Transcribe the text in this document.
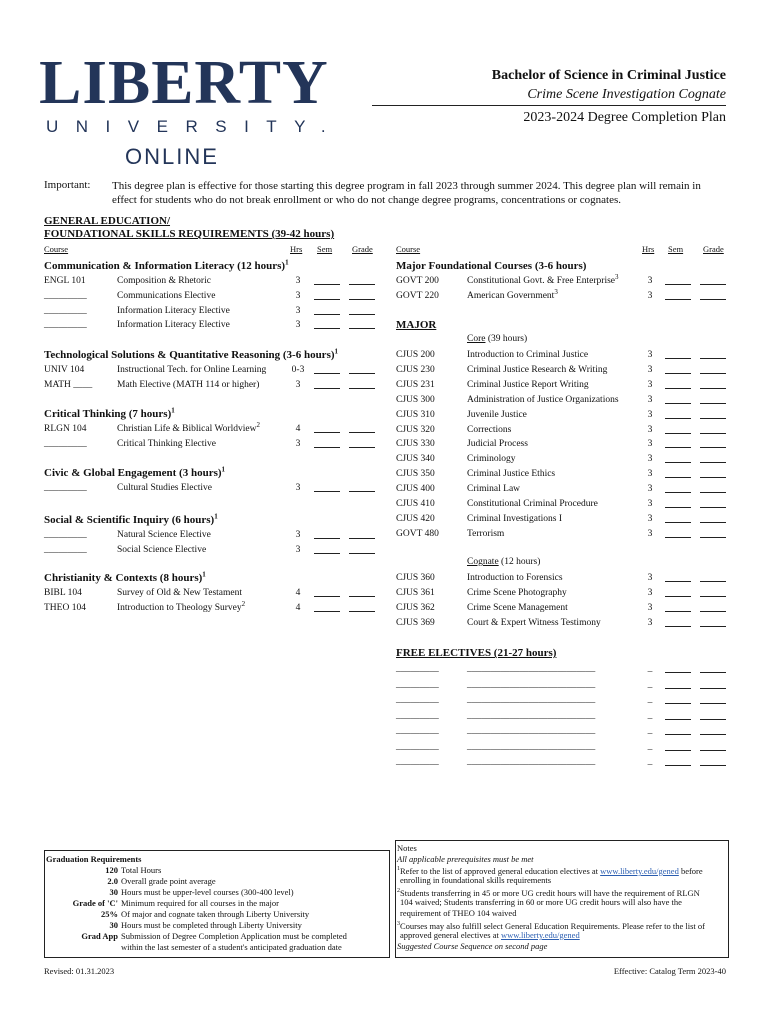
LIBERTY
UNIVERSITY.
ONLINE
Bachelor of Science in Criminal Justice
Crime Scene Investigation Cognate
2023-2024 Degree Completion Plan
Important: This degree plan is effective for those starting this degree program in fall 2023 through summer 2024. This degree plan will remain in effect for students who do not break enrollment or who do not change degree programs, concentrations or cognates.
GENERAL EDUCATION/
FOUNDATIONAL SKILLS REQUIREMENTS (39-42 hours)
Course	Hrs Sem Grade	Course	Hrs Sem Grade
Major Foundational Courses (3-6 hours)
MAJOR
Core (39 hours)
Cognate (12 hours)
FREE ELECTIVES (21-27 hours)
Communication & Information Literacy (12 hours)$^1$
ENGL 101	Composition & Rhetoric	3
_________	Communications Elective	3
_________	Information Literacy Elective	3
_________	Information Literacy Elective	3
Technological Solutions & Quantitative Reasoning (3-6 hours)$^1$
UNIV 104	Instructional Tech. for Online Learning	0-3
MATH ____	Math Elective (MATH 114 or higher)	3
Critical Thinking (7 hours)$^1$
RLGN 104	Christian Life & Biblical Worldview$^2$	4
_________	Critical Thinking Elective	3
Civic & Global Engagement (3 hours)$^1$
_________	Cultural Studies Elective	3
Social & Scientific Inquiry (6 hours)$^1$
_________	Natural Science Elective	3
_________	Social Science Elective	3
Christianity & Contexts (8 hours)$^1$
BIBL 104	Survey of Old & New Testament	4
THEO 104	Introduction to Theology Survey$^2$	4
GOVT 200	Constitutional Govt. & Free Enterprise$^3$	3
GOVT 220	American Government$^3$	3
CJUS 200	Introduction to Criminal Justice	3
CJUS 230	Criminal Justice Research & Writing	3
CJUS 231	Criminal Justice Report Writing	3
CJUS 300	Administration of Justice Organizations	3
CJUS 310	Juvenile Justice	3
CJUS 320	Corrections	3
CJUS 330	Judicial Process	3
CJUS 340	Criminology	3
CJUS 350	Criminal Justice Ethics	3
CJUS 400	Criminal Law	3
CJUS 410	Constitutional Criminal Procedure	3
CJUS 420	Criminal Investigations I	3
GOVT 480	Terrorism	3
CJUS 360	Introduction to Forensics	3
CJUS 361	Crime Scene Photography	3
CJUS 362	Crime Scene Management	3
CJUS 369	Court & Expert Witness Testimony	3
_________	___________________________	_
_________	___________________________	_
_________	___________________________	_
_________	___________________________	_
_________	___________________________	_
_________	___________________________	_
_________	___________________________	_
Graduation Requirements
120 Total Hours
2.0 Overall grade point average
30 Hours must be upper-level courses (300-400 level)
Grade of 'C' Minimum required for all courses in the major
25% Of major and cognate taken through Liberty University
30 Hours must be completed through Liberty University
Grad App Submission of Degree Completion Application must be completed
within the last semester of a student's anticipated graduation date
Notes
All applicable prerequisites must be met
$^1$Refer to the list of approved general education electives at www.liberty.edu/gened before
enrolling in foundational skills requirements
$^2$Students transferring in 45 or more UG credit hours will have the requirement of RLGN
104 waived; Students transferring in 60 or more UG credit hours will also have the
requirement of THEO 104 waived
$^3$Courses may also fulfill select General Education Requirements. Please refer to the list of
approved general electives at www.liberty.edu/gened
Suggested Course Sequence on second page
Revised: 01.31.2023	Effective: Catalog Term 2023-40
